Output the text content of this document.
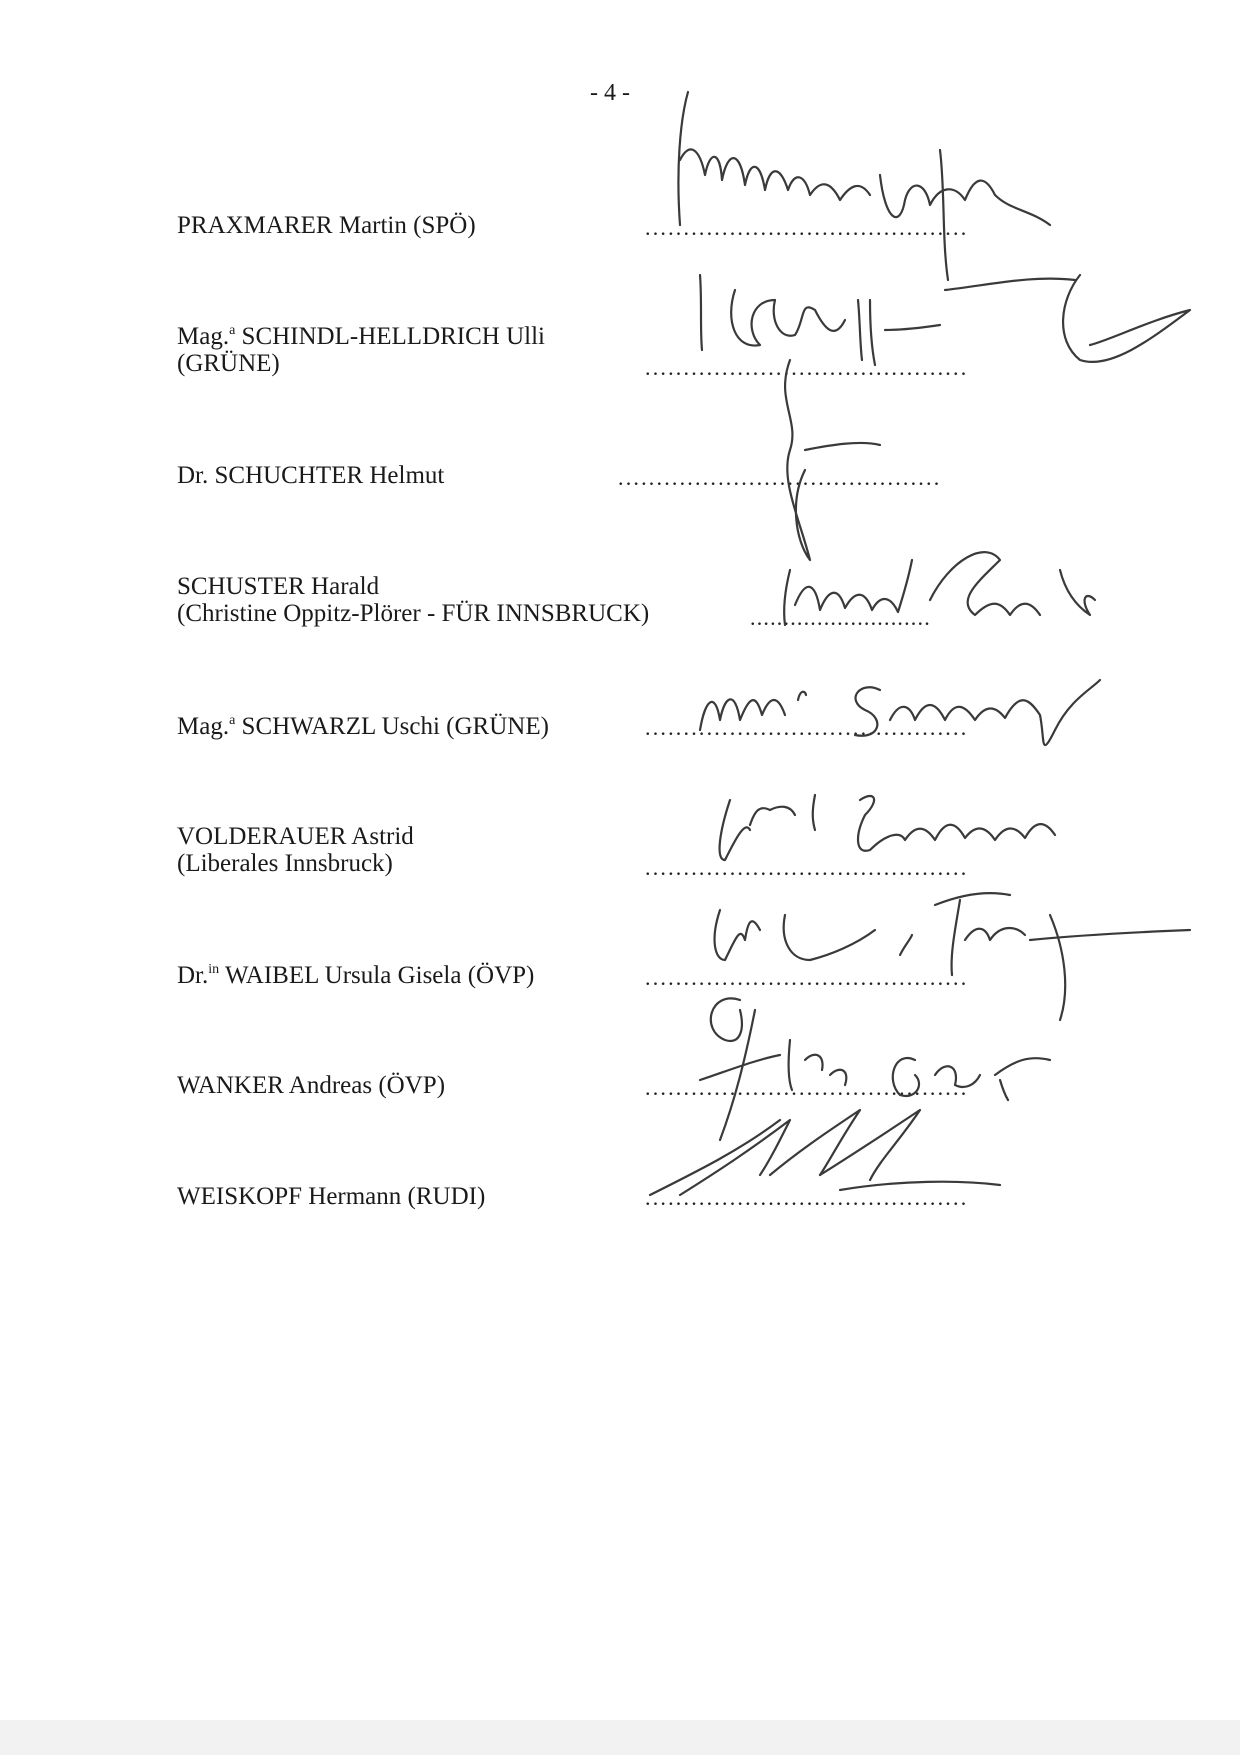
- 4 -
PRAXMARER Martin (SPÖ)	..........................................
Mag.$^a$ SCHINDL-HELLDRICH Ulli
(GRÜNE)	..........................................
Dr. SCHUCHTER Helmut	..........................................
SCHUSTER Harald
(Christine Oppitz-Plörer - FÜR INNSBRUCK)	...........................
Mag.$^a$ SCHWARZL Uschi (GRÜNE)	..........................................
VOLDERAUER Astrid
(Liberales Innsbruck)	..........................................
Dr.$^{in}$ WAIBEL Ursula Gisela (ÖVP)	..........................................
WANKER Andreas (ÖVP)	..........................................
WEISKOPF Hermann (RUDI)	..........................................
